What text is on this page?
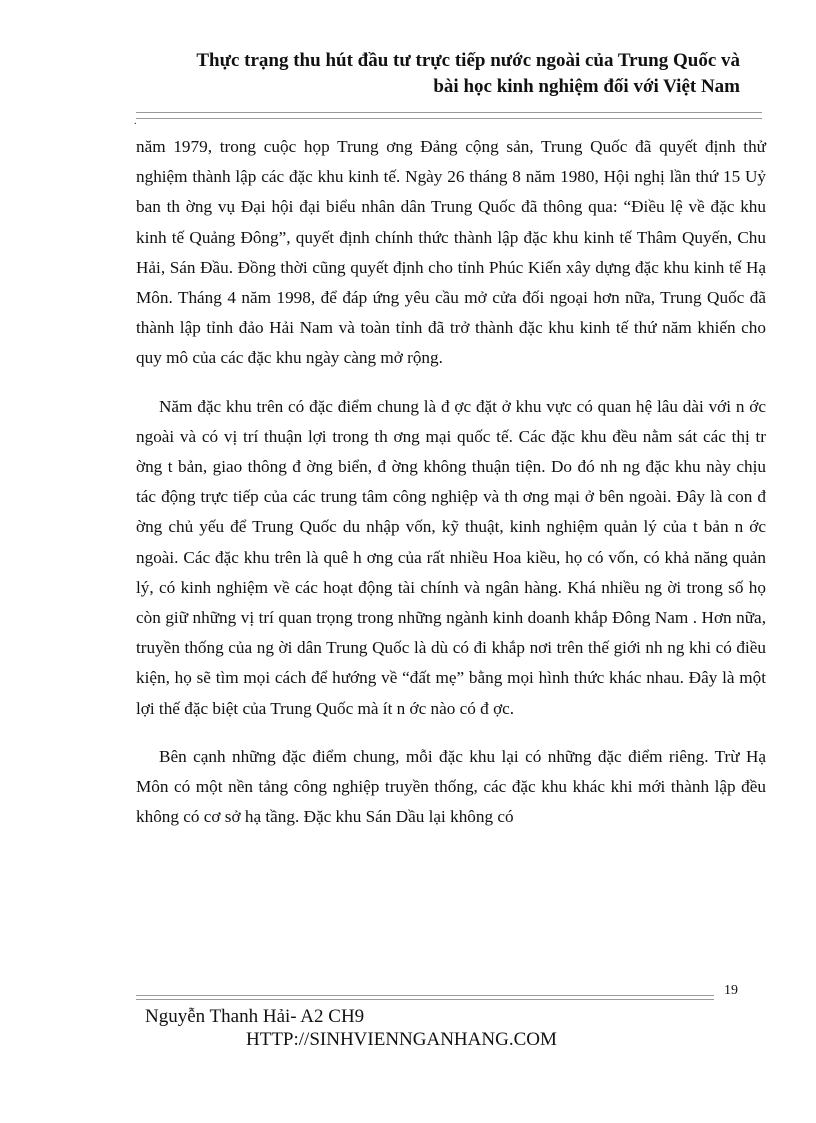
Thực trạng thu hút đầu tư trực tiếp nước ngoài của Trung Quốc và
bài học kinh nghiệm đối với Việt Nam
.

năm 1979, trong cuộc họp Trung ơng Đảng cộng sản, Trung Quốc đã quyết định thử nghiệm thành lập các đặc khu kinh tế. Ngày 26 tháng 8 năm 1980, Hội nghị lần thứ 15 Uỷ ban th ờng vụ Đại hội đại biểu nhân dân Trung Quốc đã thông qua: “Điều lệ về đặc khu kinh tế Quảng Đông”, quyết định chính thức thành lập đặc khu kinh tế Thâm Quyến, Chu Hải, Sán Đầu. Đồng thời cũng quyết định cho tỉnh Phúc Kiến xây dựng đặc khu kinh tế Hạ Môn. Tháng 4 năm 1998, để đáp ứng yêu cầu mở cửa đối ngoại hơn nữa, Trung Quốc đã thành lập tỉnh đảo Hải Nam và toàn tỉnh đã trở thành đặc khu kinh tế thứ năm khiến cho quy mô của các đặc khu ngày càng mở rộng.

Năm đặc khu trên có đặc điểm chung là đ ợc đặt ở khu vực có quan hệ lâu dài với n ớc ngoài và có vị trí thuận lợi trong th ơng mại quốc tế. Các đặc khu đều nằm sát các thị tr ờng t bản, giao thông đ ờng biển, đ ờng không thuận tiện. Do đó nh ng đặc khu này chịu tác động trực tiếp của các trung tâm công nghiệp và th ơng mại ở bên ngoài. Đây là con đ ờng chủ yếu để Trung Quốc du nhập vốn, kỹ thuật, kinh nghiệm quản lý của t bản n ớc ngoài. Các đặc khu trên là quê h ơng của rất nhiều Hoa kiều, họ có vốn, có khả năng quản lý, có kinh nghiệm về các hoạt động tài chính và ngân hàng. Khá nhiều ng ời trong số họ còn giữ những vị trí quan trọng trong những ngành kinh doanh khắp Đông Nam . Hơn nữa, truyền thống của ng ời dân Trung Quốc là dù có đi khắp nơi trên thế giới nh ng khi có điều kiện, họ sẽ tìm mọi cách để hướng về “đất mẹ” bằng mọi hình thức khác nhau. Đây là một lợi thế đặc biệt của Trung Quốc mà ít n ớc nào có đ ợc.

Bên cạnh những đặc điểm chung, mỗi đặc khu lại có những đặc điểm riêng. Trừ Hạ Môn có một nền tảng công nghiệp truyền thống, các đặc khu khác khi mới thành lập đều không có cơ sở hạ tầng. Đặc khu Sán Dầu lại không có

19
Nguyễn Thanh Hải- A2 CH9
HTTP://SINHVIENNGANHANG.COM
